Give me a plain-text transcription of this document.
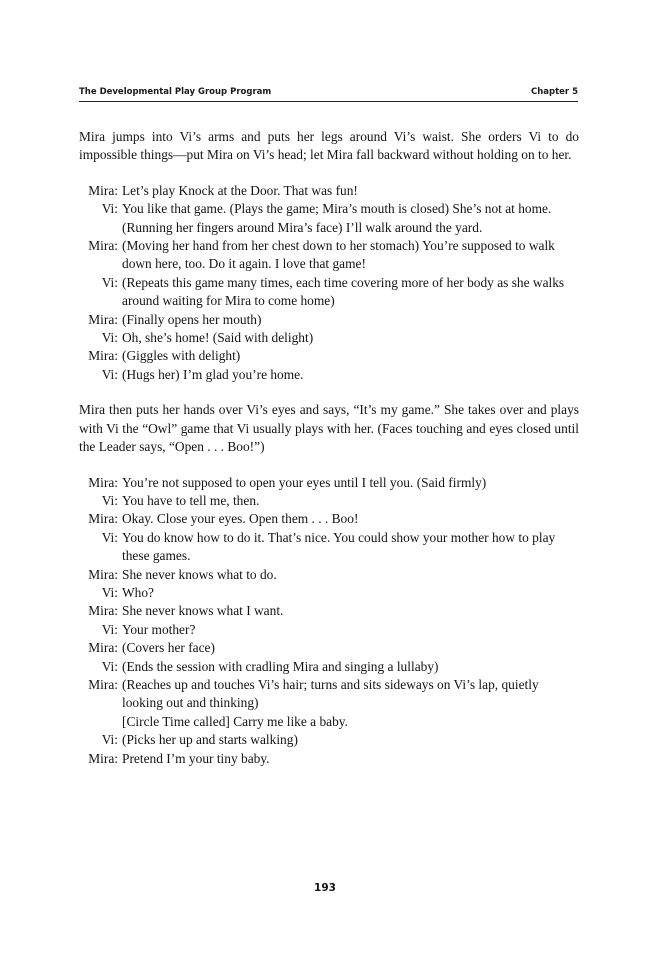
The Developmental Play Group Program	Chapter 5

Mira jumps into Vi’s arms and puts her legs around Vi’s waist. She orders Vi to do impossible things—put Mira on Vi’s head; let Mira fall backward without holding on to her.

Mira: Let’s play Knock at the Door. That was fun!
Vi: You like that game. (Plays the game; Mira’s mouth is closed) She’s not at home. (Running her fingers around Mira’s face) I’ll walk around the yard.
Mira: (Moving her hand from her chest down to her stomach) You’re supposed to walk down here, too. Do it again. I love that game!
Vi: (Repeats this game many times, each time covering more of her body as she walks around waiting for Mira to come home)
Mira: (Finally opens her mouth)
Vi: Oh, she’s home! (Said with delight)
Mira: (Giggles with delight)
Vi: (Hugs her) I’m glad you’re home.

Mira then puts her hands over Vi’s eyes and says, “It’s my game.” She takes over and plays with Vi the “Owl” game that Vi usually plays with her. (Faces touching and eyes closed until the Leader says, “Open . . . Boo!”)

Mira: You’re not supposed to open your eyes until I tell you. (Said firmly)
Vi: You have to tell me, then.
Mira: Okay. Close your eyes. Open them . . . Boo!
Vi: You do know how to do it. That’s nice. You could show your mother how to play these games.
Mira: She never knows what to do.
Vi: Who?
Mira: She never knows what I want.
Vi: Your mother?
Mira: (Covers her face)
Vi: (Ends the session with cradling Mira and singing a lullaby)
Mira: (Reaches up and touches Vi’s hair; turns and sits sideways on Vi’s lap, quietly looking out and thinking)
[Circle Time called] Carry me like a baby.
Vi: (Picks her up and starts walking)
Mira: Pretend I’m your tiny baby.
193
